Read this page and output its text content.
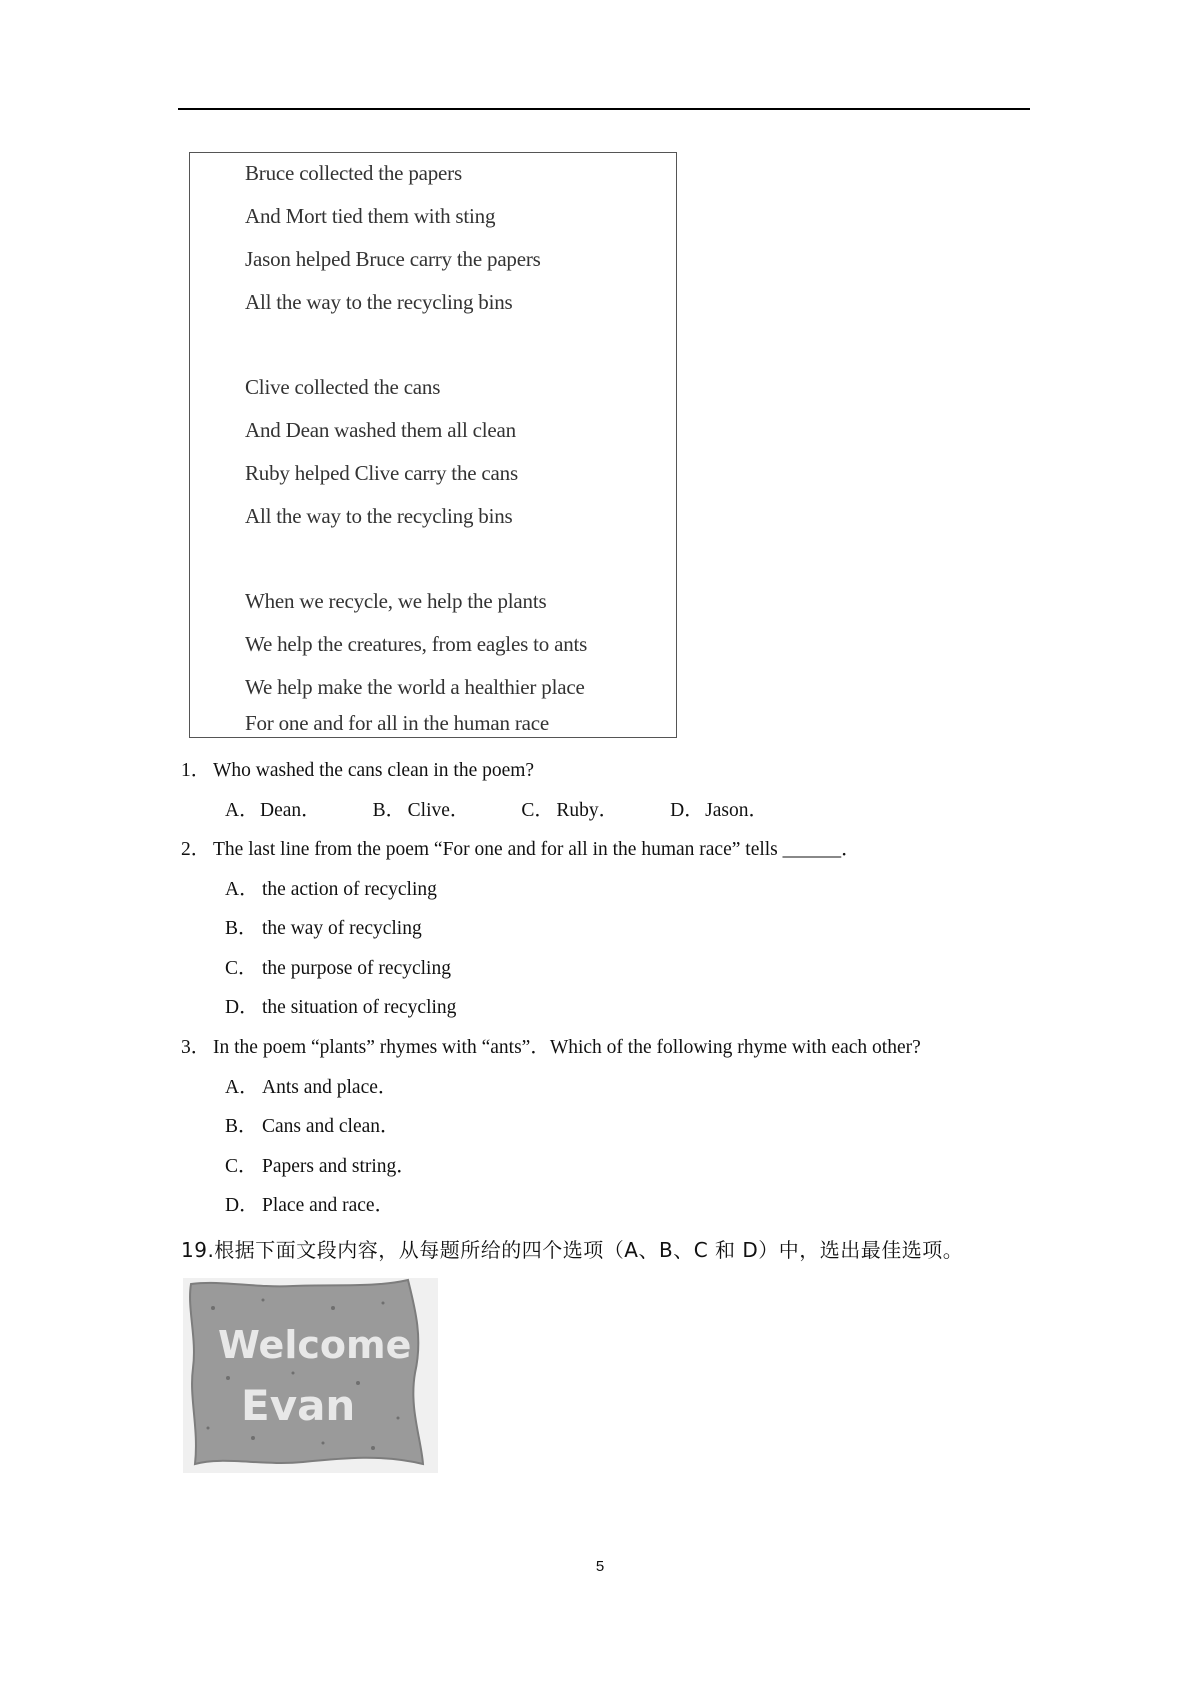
Bruce collected the papers
And Mort tied them with sting
Jason helped Bruce carry the papers
All the way to the recycling bins
Clive collected the cans
And Dean washed them all clean
Ruby helped Clive carry the cans
All the way to the recycling bins
When we recycle, we help the plants
We help the creatures, from eagles to ants
We help make the world a healthier place
For one and for all in the human race
1． Who washed the cans clean in the poem?
A．Dean．	B． Clive．	C． Ruby．	D．Jason．
2． The last line from the poem “For one and for all in the human race” tells ______．
A． the action of recycling
B． the way of recycling
C． the purpose of recycling
D． the situation of recycling
3． In the poem “plants” rhymes with “ants”．Which of the following rhyme with each other?
A． Ants and place．
B． Cans and clean．
C． Papers and string．
D． Place and race．
19.根据下面文段内容，从每题所给的四个选项（A、B、C 和 D）中，选出最佳选项。
Welcome
Evan
5
